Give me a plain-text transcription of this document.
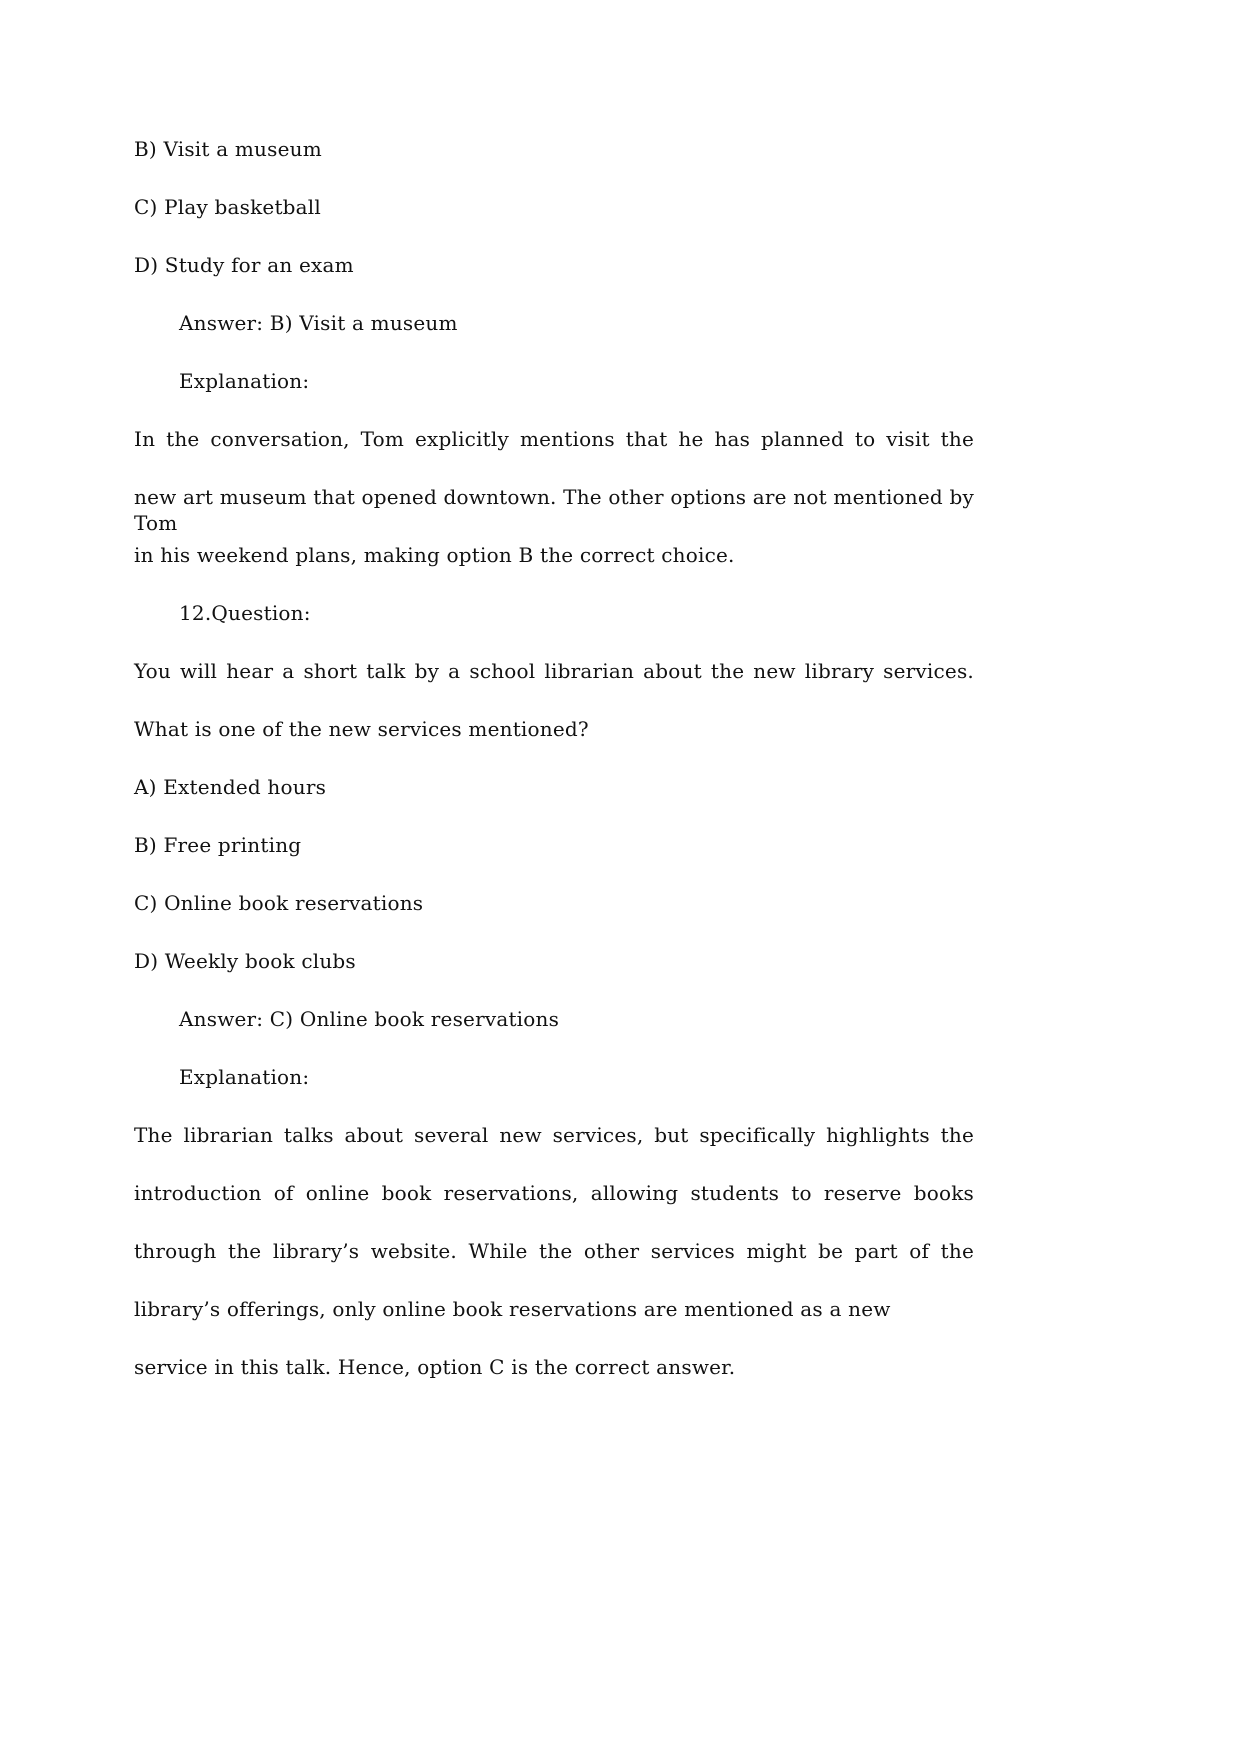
B) Visit a museum
C) Play basketball
D) Study for an exam
Answer: B) Visit a museum
Explanation:
In the conversation, Tom explicitly mentions that he has planned to visit the
new art museum that opened downtown. The other options are not mentioned by Tom
in his weekend plans, making option B the correct choice.
12.Question:
You will hear a short talk by a school librarian about the new library services.
What is one of the new services mentioned?
A) Extended hours
B) Free printing
C) Online book reservations
D) Weekly book clubs
Answer: C) Online book reservations
Explanation:
The librarian talks about several new services, but specifically highlights the
introduction of online book reservations, allowing students to reserve books
through the library’s website. While the other services might be part of the
library’s offerings, only online book reservations are mentioned as a new
service in this talk. Hence, option C is the correct answer.
